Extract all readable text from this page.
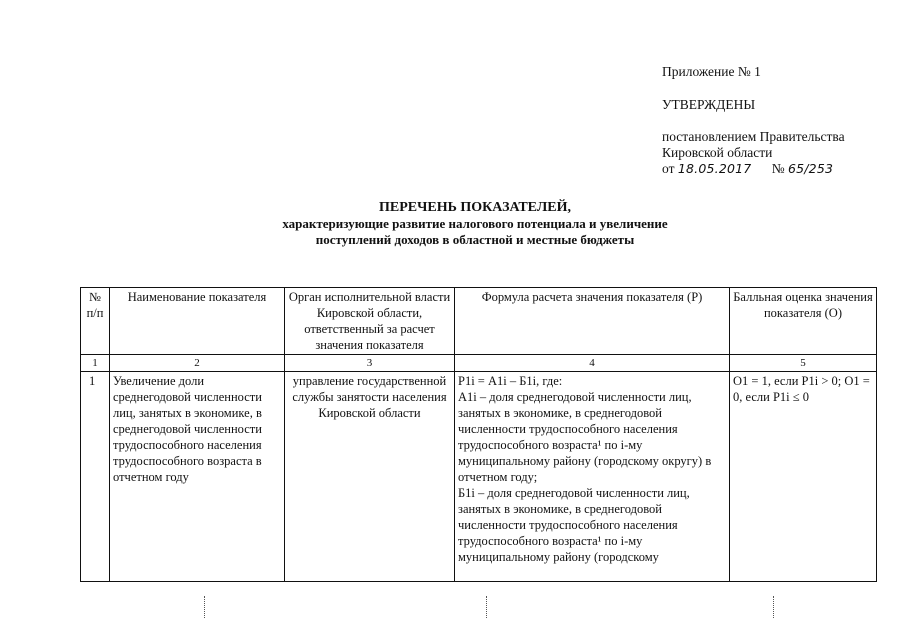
Приложение № 1
УТВЕРЖДЕНЫ
постановлением Правительства
Кировской области
от 18.05.2017 № 65/253
ПЕРЕЧЕНЬ ПОКАЗАТЕЛЕЙ,
характеризующие развитие налогового потенциала и увеличение
поступлений доходов в областной и местные бюджеты
№ п/п	Наименование показателя	Орган исполнительной власти Кировской области, ответственный за расчет значения показателя	Формула расчета значения показателя (Р)	Балльная оценка значения показателя (О)
1	2	3	4	5
1	Увеличение доли среднегодовой численности лиц, занятых в экономике, в среднегодовой численности трудоспособного населения трудоспособного возраста в отчетном году	управление государственной службы занятости населения Кировской области	Р1i = А1i – Б1i, где:
А1i – доля среднегодовой численности лиц, занятых в экономике, в среднегодовой численности трудоспособного населения трудоспособного возраста¹ по i-му муниципальному району (городскому округу) в отчетном году;
Б1i – доля среднегодовой численности лиц, занятых в экономике, в среднегодовой численности трудоспособного населения трудоспособного возраста¹ по i-му муниципальному району (городскому	О1 = 1, если Р1i > 0; О1 = 0, если Р1i ≤ 0
